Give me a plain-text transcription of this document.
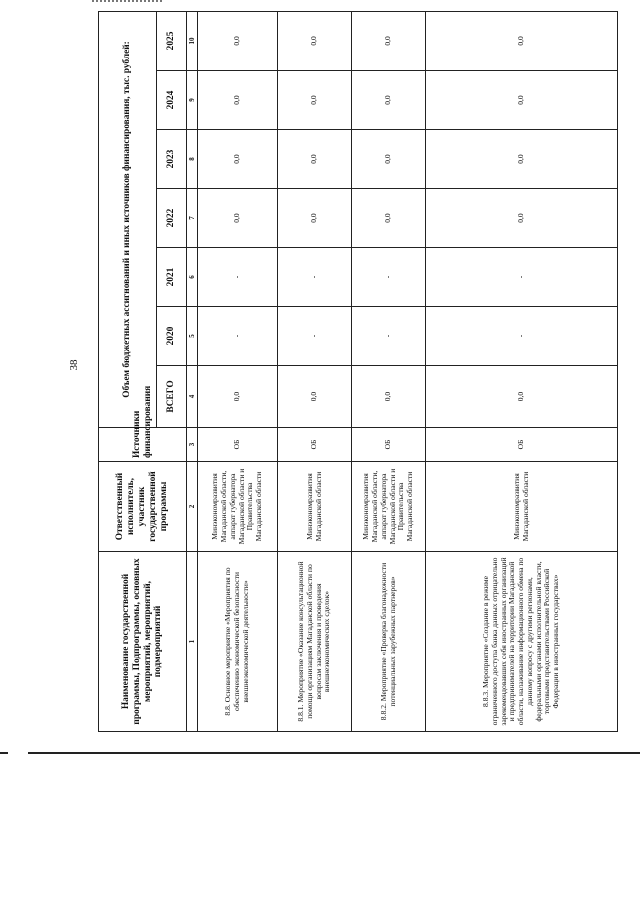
38
Наименование государственной программы, Подпрограммы, основных мероприятий, мероприятий, подмероприятий	Ответственный исполнитель, участник государственной программы	Источники финансирования	Объем бюджетных ассигнований и иных источников финансирования, тыс. рублей:						
			ВСЕГО	2020	2021	2022	2023	2024	2025
1	2	3	4	5	6	7	8	9	10
8.8. Основное мероприятие «Мероприятия по обеспечению экономической безопасности внешнеэкономической деятельности»	Минэкономразвития Магаданской области, аппарат губернатора Магаданской области и Правительства Магаданской области	ОБ	0,0	-	-	0,0	0,0	0,0	0,0
8.8.1. Мероприятие «Оказание консультационной помощи организациям Магаданской области по вопросам заключения и проведения внешнеэкономических сделок»	Минэкономразвития Магаданской области	ОБ	0,0	-	-	0,0	0,0	0,0	0,0
8.8.2. Мероприятие «Проверка благонадежности потенциальных зарубежных партнеров»	Минэкономразвития Магаданской области, аппарат губернатора Магаданской области и Правительства Магаданской области	ОБ	0,0	-	-	0,0	0,0	0,0	0,0
8.8.3. Мероприятие «Создание в режиме ограниченного доступа банка данных отрицательно зарекомендовавших себя иностранных организаций и предпринимателей на территории Магаданской области, налаживание информационного обмена по данному вопросу с другими регионами, федеральными органами исполнительной власти, торговыми представительствами Российской Федерации в иностранных государствах»	Минэкономразвития Магаданской области	ОБ	0,0	-	-	0,0	0,0	0,0	0,0
